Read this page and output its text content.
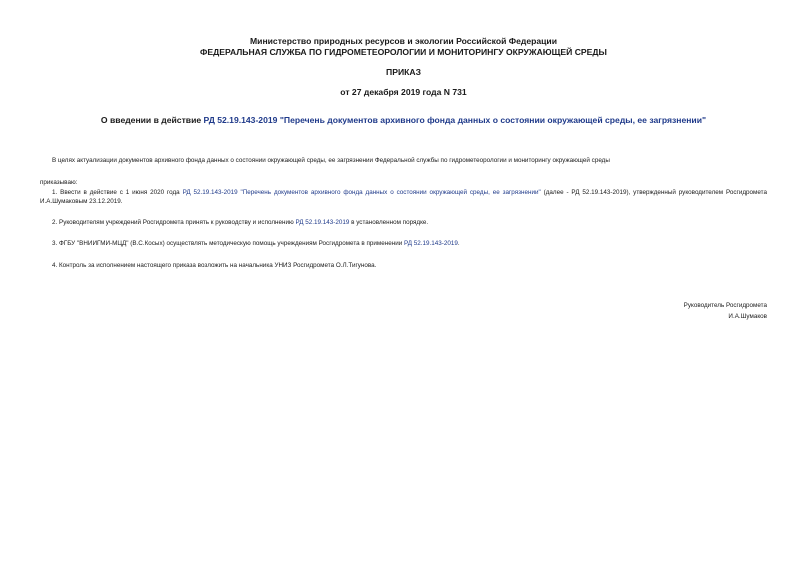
Министерство природных ресурсов и экологии Российской Федерации
ФЕДЕРАЛЬНАЯ СЛУЖБА ПО ГИДРОМЕТЕОРОЛОГИИ И МОНИТОРИНГУ ОКРУЖАЮЩЕЙ СРЕДЫ
ПРИКАЗ
от 27 декабря 2019 года N 731
О введении в действие РД 52.19.143-2019 "Перечень документов архивного фонда данных о состоянии окружающей среды, ее загрязнении"
В целях актуализации документов архивного фонда данных о состоянии окружающей среды, ее загрязнении Федеральной службы по гидрометеорологии и мониторингу окружающей среды
приказываю:
1. Ввести в действие с 1 июня 2020 года РД 52.19.143-2019 "Перечень документов архивного фонда данных о состоянии окружающей среды, ее загрязнении" (далее - РД 52.19.143-2019), утвержденный руководителем Росгидромета И.А.Шумаковым 23.12.2019.
2. Руководителям учреждений Росгидромета принять к руководству и исполнению РД 52.19.143-2019 в установленном порядке.
3. ФГБУ "ВНИИГМИ-МЦД" (В.С.Косых) осуществлять методическую помощь учреждениям Росгидромета в применении РД 52.19.143-2019.
4. Контроль за исполнением настоящего приказа возложить на начальника УНИЗ Росгидромета О.Л.Тигунова.
Руководитель Росгидромета
И.А.Шумаков
